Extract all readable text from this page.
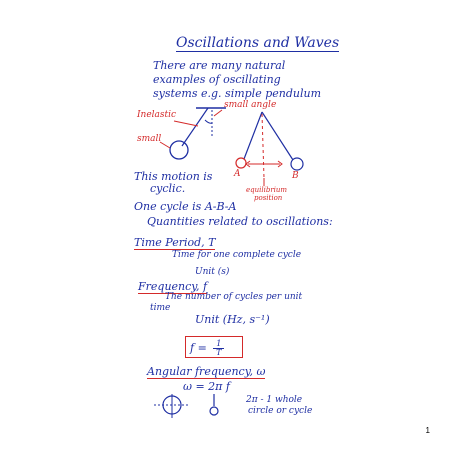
Oscillations and Waves
There are many natural
examples of oscillating
systems e.g. simple pendulum
Inelastic
small
small angle
A	B
equilibrium
position
This motion is
cyclic.
One cycle is A-B-A
Quantities related to oscillations:
Time Period, T
Time for one complete cycle
Unit (s)
Frequency, f
The number of cycles per unit
time
Unit (Hz, s⁻¹)
$f = \frac{1}{T}$
Angular frequency, ω
ω = 2π f
2π - 1 whole
circle or cycle
1
